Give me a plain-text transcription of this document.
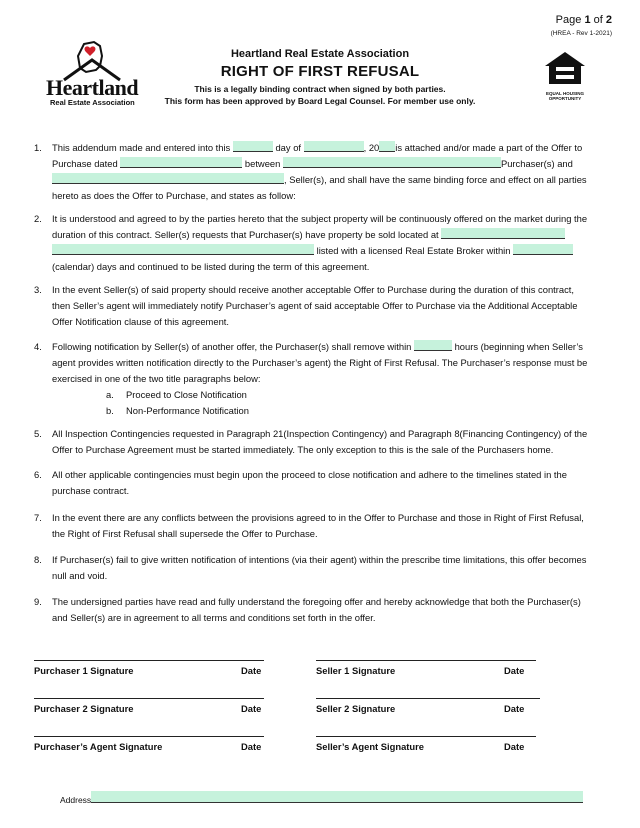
Page 1 of 2
(HREA - Rev 1-2021)
Heartland
Real Estate Association
Heartland Real Estate Association
RIGHT OF FIRST REFUSAL
This is a legally binding contract when signed by both parties.
This form has been approved by Board Legal Counsel. For member use only.
EQUAL HOUSING
OPPORTUNITY
1. This addendum made and entered into this	day of	, 20 is attached and/or made a part of the Offer to
Purchase dated	between	Purchaser(s) and
, Seller(s), and shall have the same binding force and effect on all parties
hereto as does the Offer to Purchase, and states as follow:
2. It is understood and agreed to by the parties hereto that the subject property will be continuously offered on the market during the
duration of this contract. Seller(s) requests that Purchaser(s) have property be sold located at
listed with a licensed Real Estate Broker within
(calendar) days and continued to be listed during the term of this agreement.
3. In the event Seller(s) of said property should receive another acceptable Offer to Purchase during the duration of this contract,
then Seller’s agent will immediately notify Purchaser’s agent of said acceptable Offer to Purchase via the Additional Acceptable
Offer Notification clause of this agreement.
4. Following notification by Seller(s) of another offer, the Purchaser(s) shall remove within	hours (beginning when Seller’s
agent provides written notification directly to the Purchaser’s agent) the Right of First Refusal. The Purchaser’s response must be
exercised in one of the two title paragraphs below:
a. Proceed to Close Notification
b. Non-Performance Notification
5. All Inspection Contingencies requested in Paragraph 21(Inspection Contingency) and Paragraph 8(Financing Contingency) of the
Offer to Purchase Agreement must be started immediately. The only exception to this is the sale of the Purchasers home.
6. All other applicable contingencies must begin upon the proceed to close notification and adhere to the timelines stated in the
purchase contract.
7. In the event there are any conflicts between the provisions agreed to in the Offer to Purchase and those in Right of First Refusal,
the Right of First Refusal shall supersede the Offer to Purchase.
8. If Purchaser(s) fail to give written notification of intentions (via their agent) within the prescribe time limitations, this offer becomes
null and void.
9. The undersigned parties have read and fully understand the foregoing offer and hereby acknowledge that both the Purchaser(s)
and Seller(s) are in agreement to all terms and conditions set forth in the offer.
Purchaser 1 Signature	Date	Seller 1 Signature	Date
Purchaser 2 Signature	Date	Seller 2 Signature	Date
Purchaser’s Agent Signature	Date	Seller’s Agent Signature	Date
Address
